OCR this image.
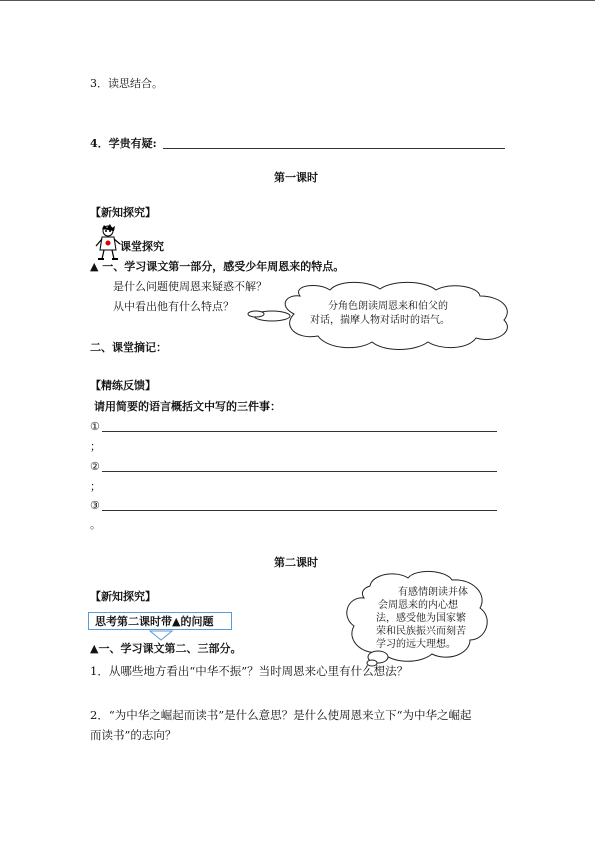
3．读思结合。
4．学贵有疑:
第一课时
【新知探究】
课堂探究
▲ 一、学习课文第一部分，感受少年周恩来的特点。
是什么问题使周恩来疑惑不解？
从中看出他有什么特点？	分角色朗读周恩来和伯父的
对话，揣摩人物对话时的语气。
二、课堂摘记：
【精练反馈】
请用简要的语言概括文中写的三件事：
①
；
②
；
③
。
第二课时
【新知探究】
思考第二课时带▲的问题
有感情朗读并体
会周恩来的内心想
法，感受他为国家繁
荣和民族振兴而刻苦
学习的远大理想。
▲一、学习课文第二、三部分。
1．从哪些地方看出“中华不振”？当时周恩来心里有什么想法？
2．“为中华之崛起而读书”是什么意思？是什么使周恩来立下“为中华之崛起
而读书”的志向？
